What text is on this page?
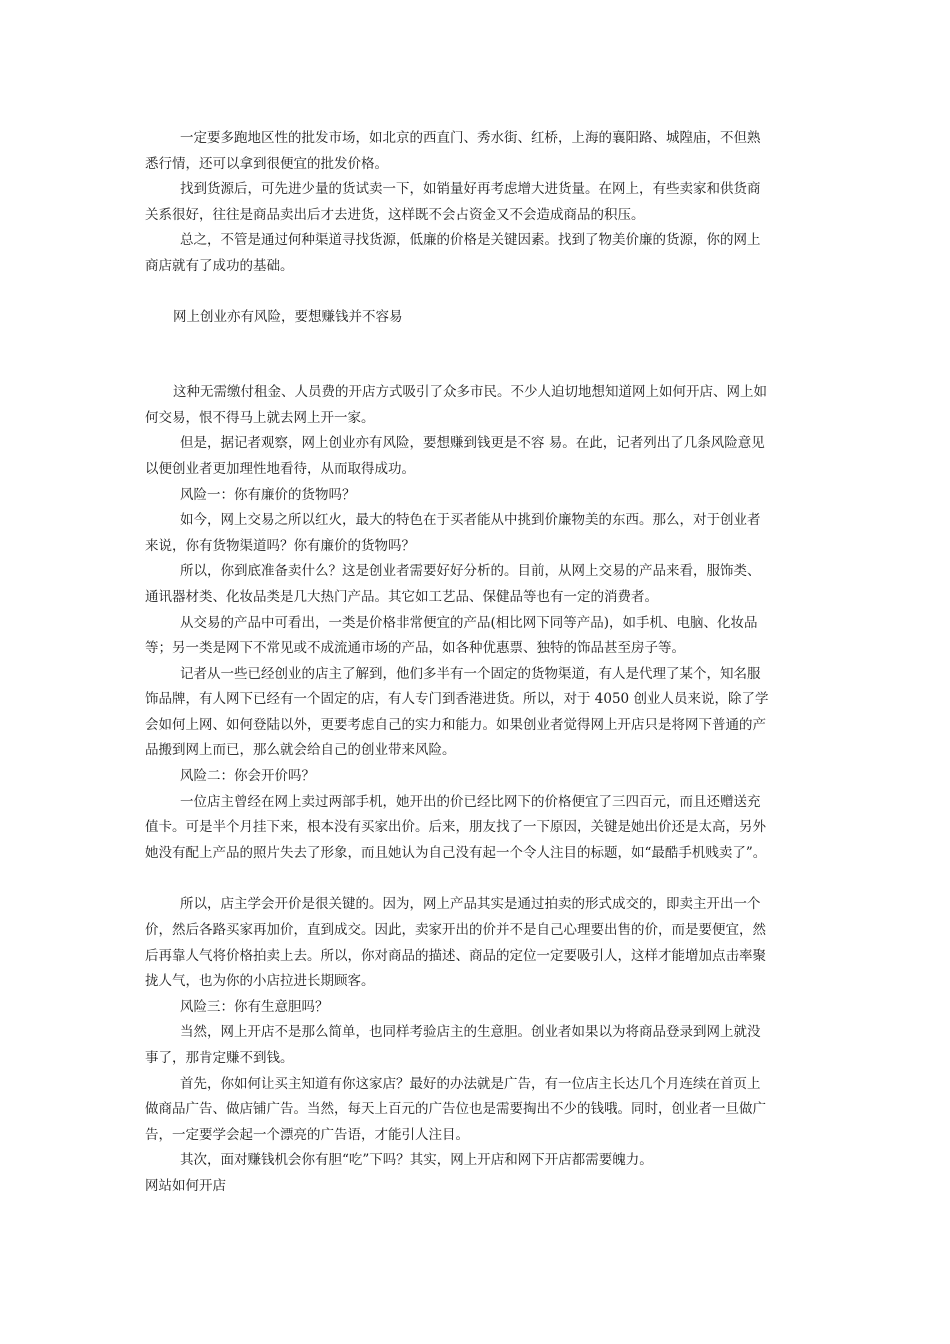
一定要多跑地区性的批发市场，如北京的西直门、秀水街、红桥，上海的襄阳路、城隍庙，不但熟

悉行情，还可以拿到很便宜的批发价格。

找到货源后，可先进少量的货试卖一下，如销量好再考虑增大进货量。在网上，有些卖家和供货商

关系很好，往往是商品卖出后才去进货，这样既不会占资金又不会造成商品的积压。

总之，不管是通过何种渠道寻找货源，低廉的价格是关键因素。找到了物美价廉的货源，你的网上

商店就有了成功的基础。

网上创业亦有风险，要想赚钱并不容易

这种无需缴付租金、人员费的开店方式吸引了众多市民。不少人迫切地想知道网上如何开店、网上如

何交易，恨不得马上就去网上开一家。

但是，据记者观察，网上创业亦有风险，要想赚到钱更是不容 易。在此，记者列出了几条风险意见

以便创业者更加理性地看待，从而取得成功。

风险一：你有廉价的货物吗？

如今，网上交易之所以红火，最大的特色在于买者能从中挑到价廉物美的东西。那么，对于创业者

来说，你有货物渠道吗？你有廉价的货物吗？

所以，你到底准备卖什么？这是创业者需要好好分析的。目前，从网上交易的产品来看，服饰类、

通讯器材类、化妆品类是几大热门产品。其它如工艺品、保健品等也有一定的消费者。

从交易的产品中可看出，一类是价格非常便宜的产品(相比网下同等产品)，如手机、电脑、化妆品

等；另一类是网下不常见或不成流通市场的产品，如各种优惠票、独特的饰品甚至房子等。

记者从一些已经创业的店主了解到，他们多半有一个固定的货物渠道，有人是代理了某个，知名服

饰品牌，有人网下已经有一个固定的店，有人专门到香港进货。所以，对于 4050 创业人员来说，除了学

会如何上网、如何登陆以外，更要考虑自己的实力和能力。如果创业者觉得网上开店只是将网下普通的产

品搬到网上而已，那么就会给自己的创业带来风险。

风险二：你会开价吗？

一位店主曾经在网上卖过两部手机，她开出的价已经比网下的价格便宜了三四百元，而且还赠送充

值卡。可是半个月挂下来，根本没有买家出价。后来，朋友找了一下原因，关键是她出价还是太高，另外

她没有配上产品的照片失去了形象，而且她认为自己没有起一个令人注目的标题，如“最酷手机贱卖了”。

所以，店主学会开价是很关键的。因为，网上产品其实是通过拍卖的形式成交的，即卖主开出一个

价，然后各路买家再加价，直到成交。因此，卖家开出的价并不是自己心理要出售的价，而是要便宜，然

后再靠人气将价格拍卖上去。所以，你对商品的描述、商品的定位一定要吸引人，这样才能增加点击率聚

拢人气，也为你的小店拉进长期顾客。

风险三：你有生意胆吗？

当然，网上开店不是那么简单，也同样考验店主的生意胆。创业者如果以为将商品登录到网上就没

事了，那肯定赚不到钱。

首先，你如何让买主知道有你这家店？最好的办法就是广告，有一位店主长达几个月连续在首页上

做商品广告、做店铺广告。当然，每天上百元的广告位也是需要掏出不少的钱哦。同时，创业者一旦做广

告，一定要学会起一个漂亮的广告语，才能引人注目。

其次，面对赚钱机会你有胆“吃”下吗？其实，网上开店和网下开店都需要魄力。

网站如何开店
